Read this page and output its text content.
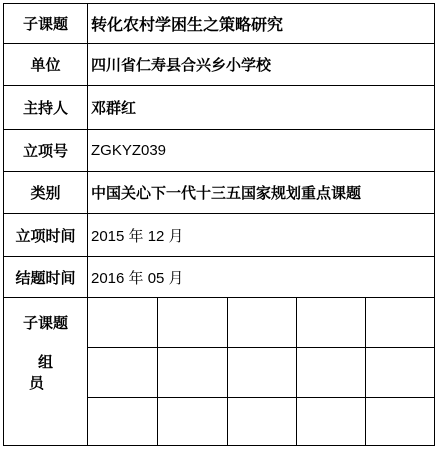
子课题	转化农村学困生之策略研究
单位	四川省仁寿县合兴乡小学校
主持人	邓群红
立项号	ZGKYZ039
类别	中国关心下一代十三五国家规划重点课题
立项时间	2015 年 12 月
结题时间	2016 年 05 月
子课题
组员
